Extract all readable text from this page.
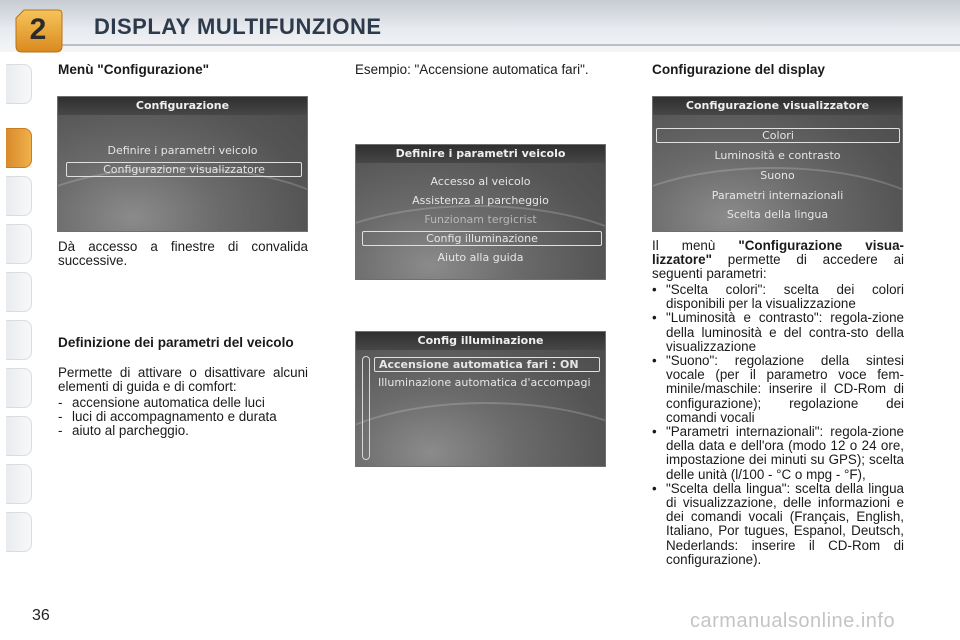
2	DISPLAY MULTIFUNZIONE
Menù "Configurazione"
Configurazione
Definire i parametri veicolo
Configurazione visualizzatore
Dà accesso a finestre di convalida successive.
Definizione dei parametri del veicolo
Permette di attivare o disattivare alcuni elementi di guida e di comfort:
- accensione automatica delle luci
- luci di accompagnamento e durata
- aiuto al parcheggio.
Esempio: "Accensione automatica fari".
Definire i parametri veicolo
Accesso al veicolo
Assistenza al parcheggio
Funzionam tergicrist
Config illuminazione
Aiuto alla guida
Config illuminazione
Accensione automatica fari : ON
Illuminazione automatica d'accompagi
Configurazione del display
Configurazione visualizzatore
Colori
Luminosità e contrasto
Suono
Parametri internazionali
Scelta della lingua
Il menù "Configurazione visua-lizzatore" permette di accedere ai seguenti parametri:
• "Scelta colori": scelta dei colori disponibili per la visualizzazione
• "Luminosità e contrasto": regola-zione della luminosità e del contra-sto della visualizzazione
• "Suono": regolazione della sintesi vocale (per il parametro voce fem-minile/maschile: inserire il CD-Rom di configurazione); regolazione dei comandi vocali
• "Parametri internazionali": regola-zione della data e dell'ora (modo 12 o 24 ore, impostazione dei minuti su GPS); scelta delle unità (l/100 - °C o mpg - °F),
• "Scelta della lingua": scelta della lingua di visualizzazione, delle informazioni e dei comandi vocali (Français, English, Italiano, Por tugues, Espanol, Deutsch, Nederlands: inserire il CD-Rom di configurazione).
36	carmanualsonline.info
